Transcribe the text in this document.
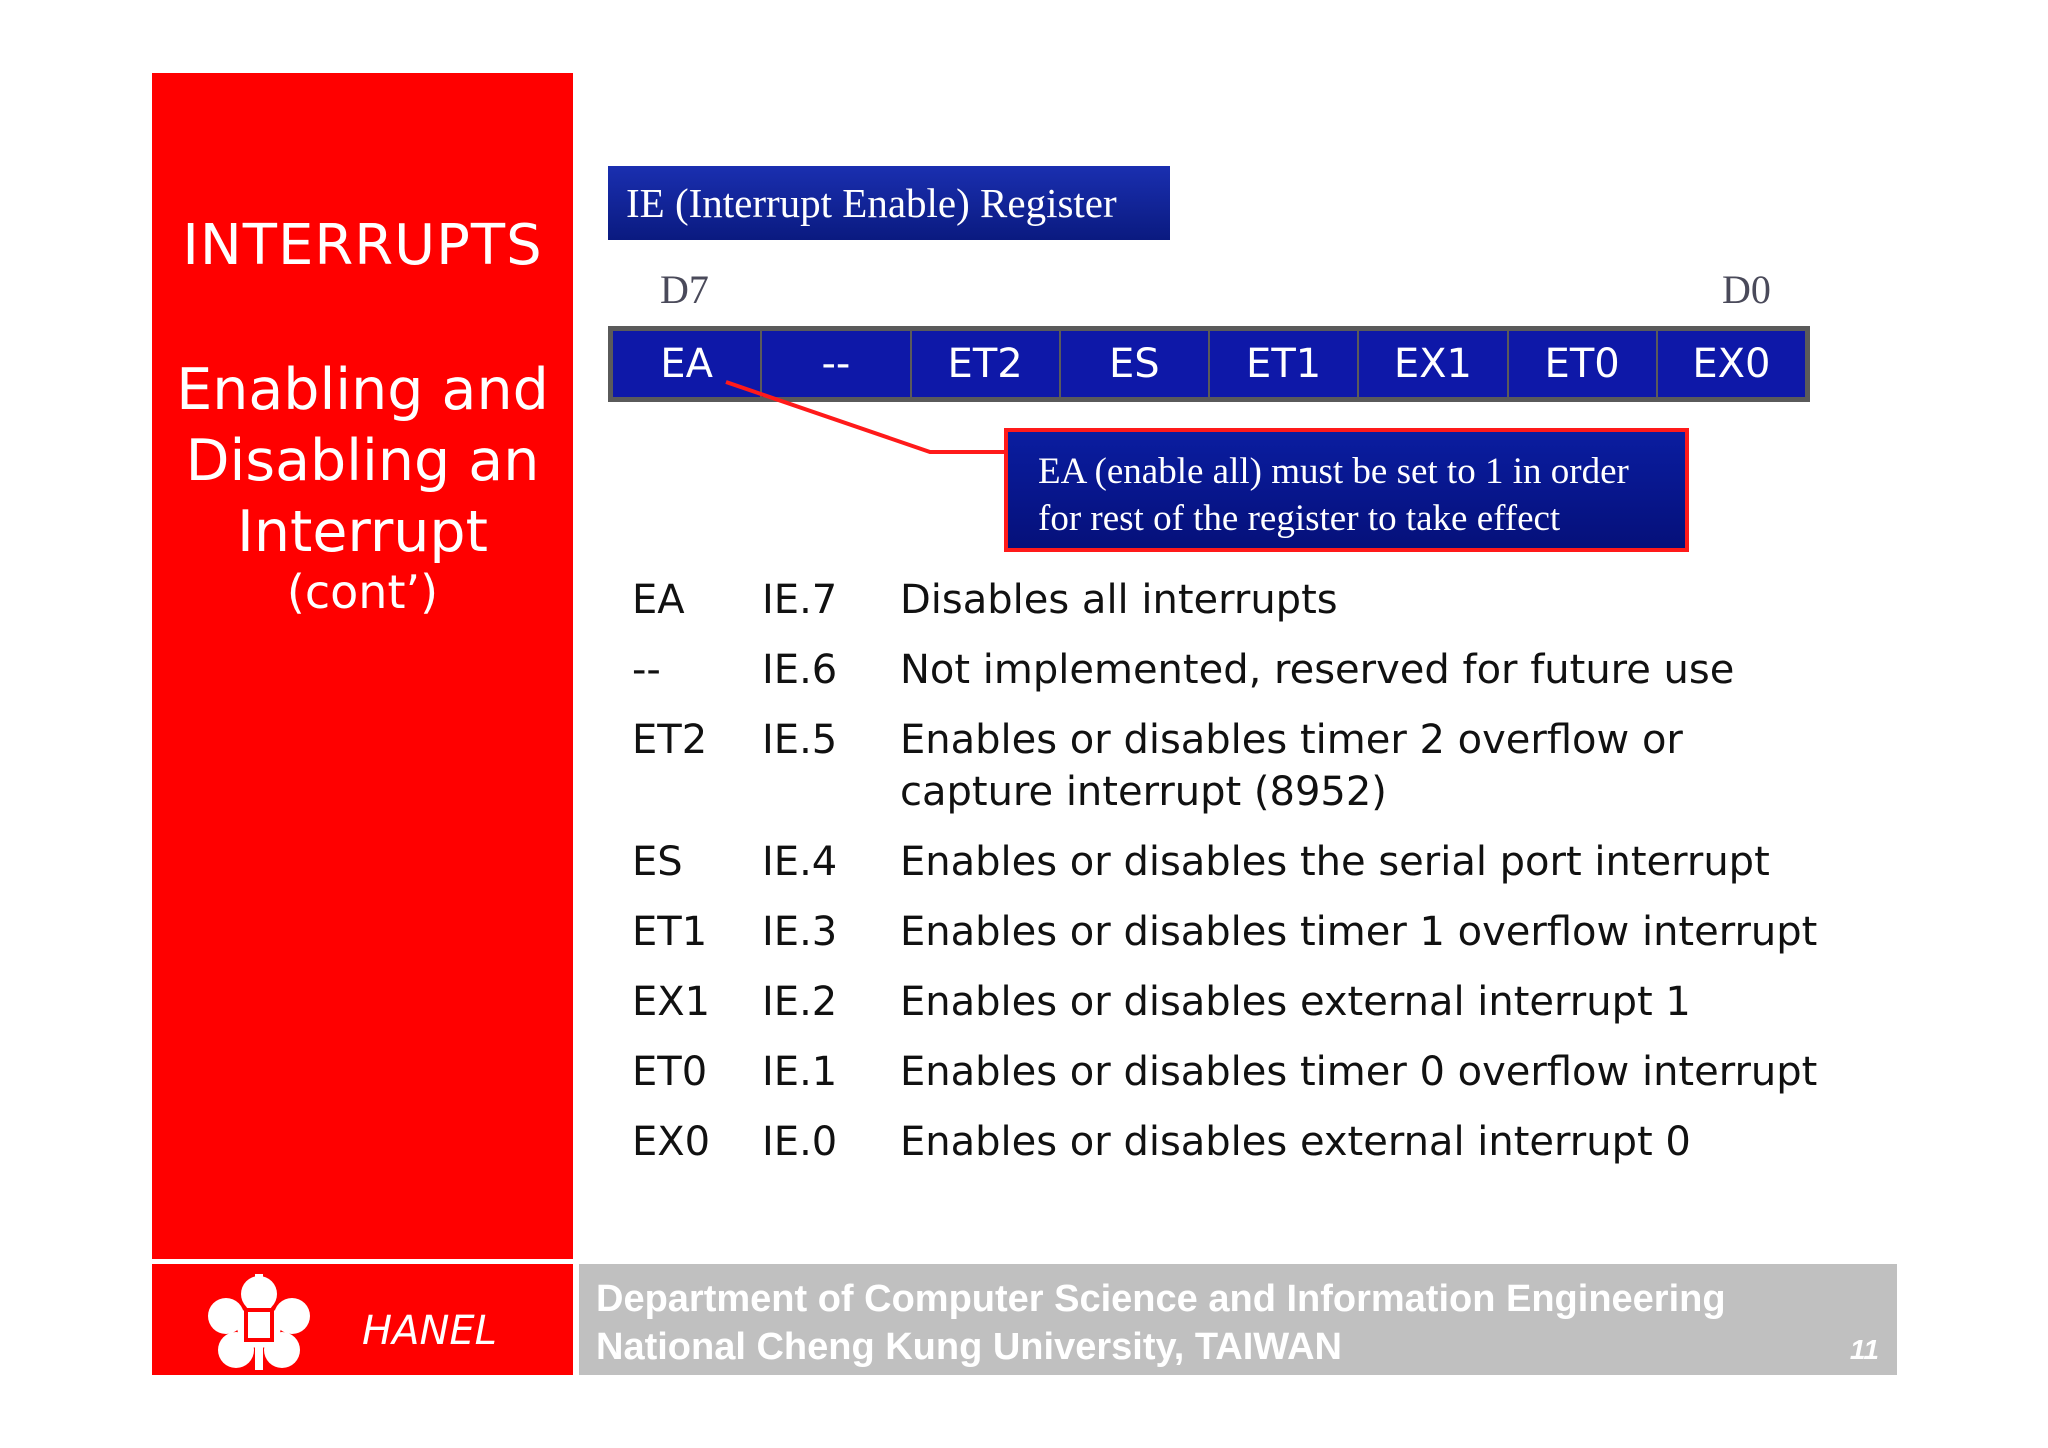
INTERRUPTS
Enabling and
Disabling an
Interrupt
(cont’)
IE (Interrupt Enable) Register
D7	D0
EA	--	ET2	ES	ET1	EX1	ET0	EX0
EA (enable all) must be set to 1 in order
for rest of the register to take effect
EA	IE.7	Disables all interrupts
--	IE.6	Not implemented, reserved for future use
ET2	IE.5	Enables or disables timer 2 overflow or capture interrupt (8952)
ES	IE.4	Enables or disables the serial port interrupt
ET1	IE.3	Enables or disables timer 1 overflow interrupt
EX1	IE.2	Enables or disables external interrupt 1
ET0	IE.1	Enables or disables timer 0 overflow interrupt
EX0	IE.0	Enables or disables external interrupt 0
HANEL
Department of Computer Science and Information Engineering
National Cheng Kung University, TAIWAN	11
